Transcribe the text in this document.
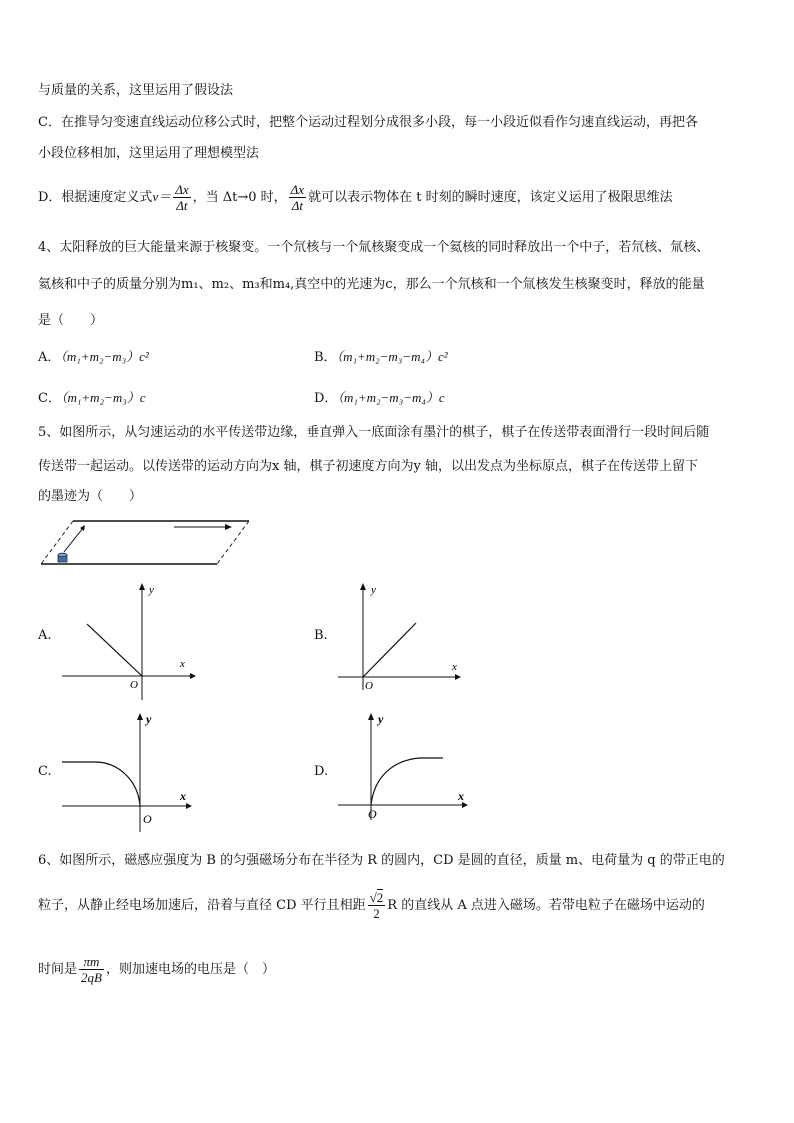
与质量的关系，这里运用了假设法
C．在推导匀变速直线运动位移公式时，把整个运动过程划分成很多小段，每一小段近似看作匀速直线运动，再把各
小段位移相加，这里运用了理想模型法
D．根据速度定义式$v= \frac{\Delta x}{\Delta t}$ ，当 Δt→0 时， $\frac{\Delta x}{\Delta t}$ 就可以表示物体在 t 时刻的瞬时速度，该定义运用了极限思维法
4、太阳释放的巨大能量来源于核聚变。一个氘核与一个氚核聚变成一个氦核的同时释放出一个中子，若氘核、氚核、
氦核和中子的质量分别为m₁、m₂、m₃和m₄,真空中的光速为c，那么一个氘核和一个氚核发生核聚变时，释放的能量
是（　　）
A．（m₁+m₂−m₃）c²	B．（m₁+m₂−m₃−m₄）c²
C．（m₁+m₂−m₃）c	D．（m₁+m₂−m₃−m₄）c
5、如图所示，从匀速运动的水平传送带边缘，垂直弹入一底面涂有墨汁的棋子，棋子在传送带表面滑行一段时间后随
传送带一起运动。以传送带的运动方向为x 轴，棋子初速度方向为y 轴，以出发点为坐标原点，棋子在传送带上留下
的墨迹为（　　）
A.	B.
C.	D.
y
x
O
y
x
O
y
x
O
y
x
O
6、如图所示，磁感应强度为 B 的匀强磁场分布在半径为 R 的圆内，CD 是圆的直径，质量 m、电荷量为 q 的带正电的
粒子，从静止经电场加速后，沿着与直径 CD 平行且相距 $\frac{√2}{2}$ R 的直线从 A 点进入磁场。若带电粒子在磁场中运动的
时间是 $\frac{\pi m}{2qB}$ ，则加速电场的电压是（　）
